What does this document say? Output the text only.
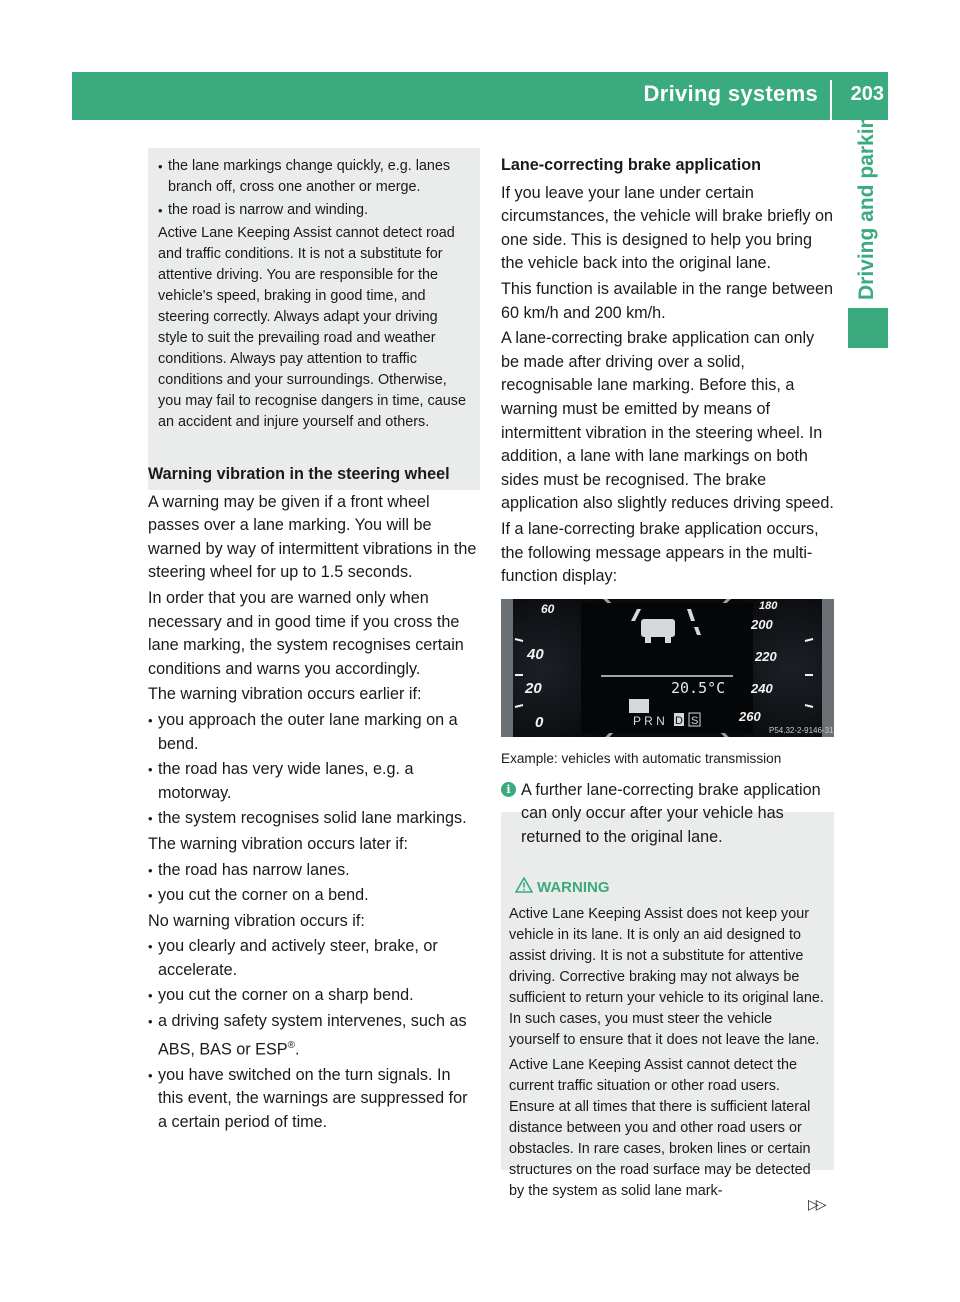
Driving systems 203
Driving and parking
• the lane markings change quickly, e.g. lanes branch off, cross one another or merge.
• the road is narrow and winding.
Active Lane Keeping Assist cannot detect road and traffic conditions. It is not a substitute for attentive driving. You are responsible for the vehicle's speed, braking in good time, and steering correctly. Always adapt your driving style to suit the prevailing road and weather conditions. Always pay attention to traffic conditions and your surroundings. Otherwise, you may fail to recognise dangers in time, cause an accident and injure yourself and others.
Warning vibration in the steering wheel
A warning may be given if a front wheel passes over a lane marking. You will be warned by way of intermittent vibrations in the steering wheel for up to 1.5 seconds.
In order that you are warned only when necessary and in good time if you cross the lane marking, the system recognises certain conditions and warns you accordingly.
The warning vibration occurs earlier if:
• you approach the outer lane marking on a bend.
• the road has very wide lanes, e.g. a motorway.
• the system recognises solid lane markings.
The warning vibration occurs later if:
• the road has narrow lanes.
• you cut the corner on a bend.
No warning vibration occurs if:
• you clearly and actively steer, brake, or accelerate.
• you cut the corner on a sharp bend.
• a driving safety system intervenes, such as ABS, BAS or ESP®.
• you have switched on the turn signals. In this event, the warnings are suppressed for a certain period of time.
Lane-correcting brake application
If you leave your lane under certain circumstances, the vehicle will brake briefly on one side. This is designed to help you bring the vehicle back into the original lane.
This function is available in the range between 60 km/h and 200 km/h.
A lane-correcting brake application can only be made after driving over a solid, recognisable lane marking. Before this, a warning must be emitted by means of intermittent vibration in the steering wheel. In addition, a lane with lane markings on both sides must be recognised. The brake application also slightly reduces driving speed.
If a lane-correcting brake application occurs, the following message appears in the multi-function display:
20.5°C
P R N D S
60
40
20
0
180
200
220
240
260
P54.32-2-9146-31
Example: vehicles with automatic transmission
i A further lane-correcting brake application can only occur after your vehicle has returned to the original lane.
WARNING
Active Lane Keeping Assist does not keep your vehicle in its lane. It is only an aid designed to assist driving. It is not a substitute for attentive driving. Corrective braking may not always be sufficient to return your vehicle to its original lane. In such cases, you must steer the vehicle yourself to ensure that it does not leave the lane.
Active Lane Keeping Assist cannot detect the current traffic situation or other road users. Ensure at all times that there is sufficient lateral distance between you and other road users or obstacles. In rare cases, broken lines or certain structures on the road surface may be detected by the system as solid lane mark-
▷▷
